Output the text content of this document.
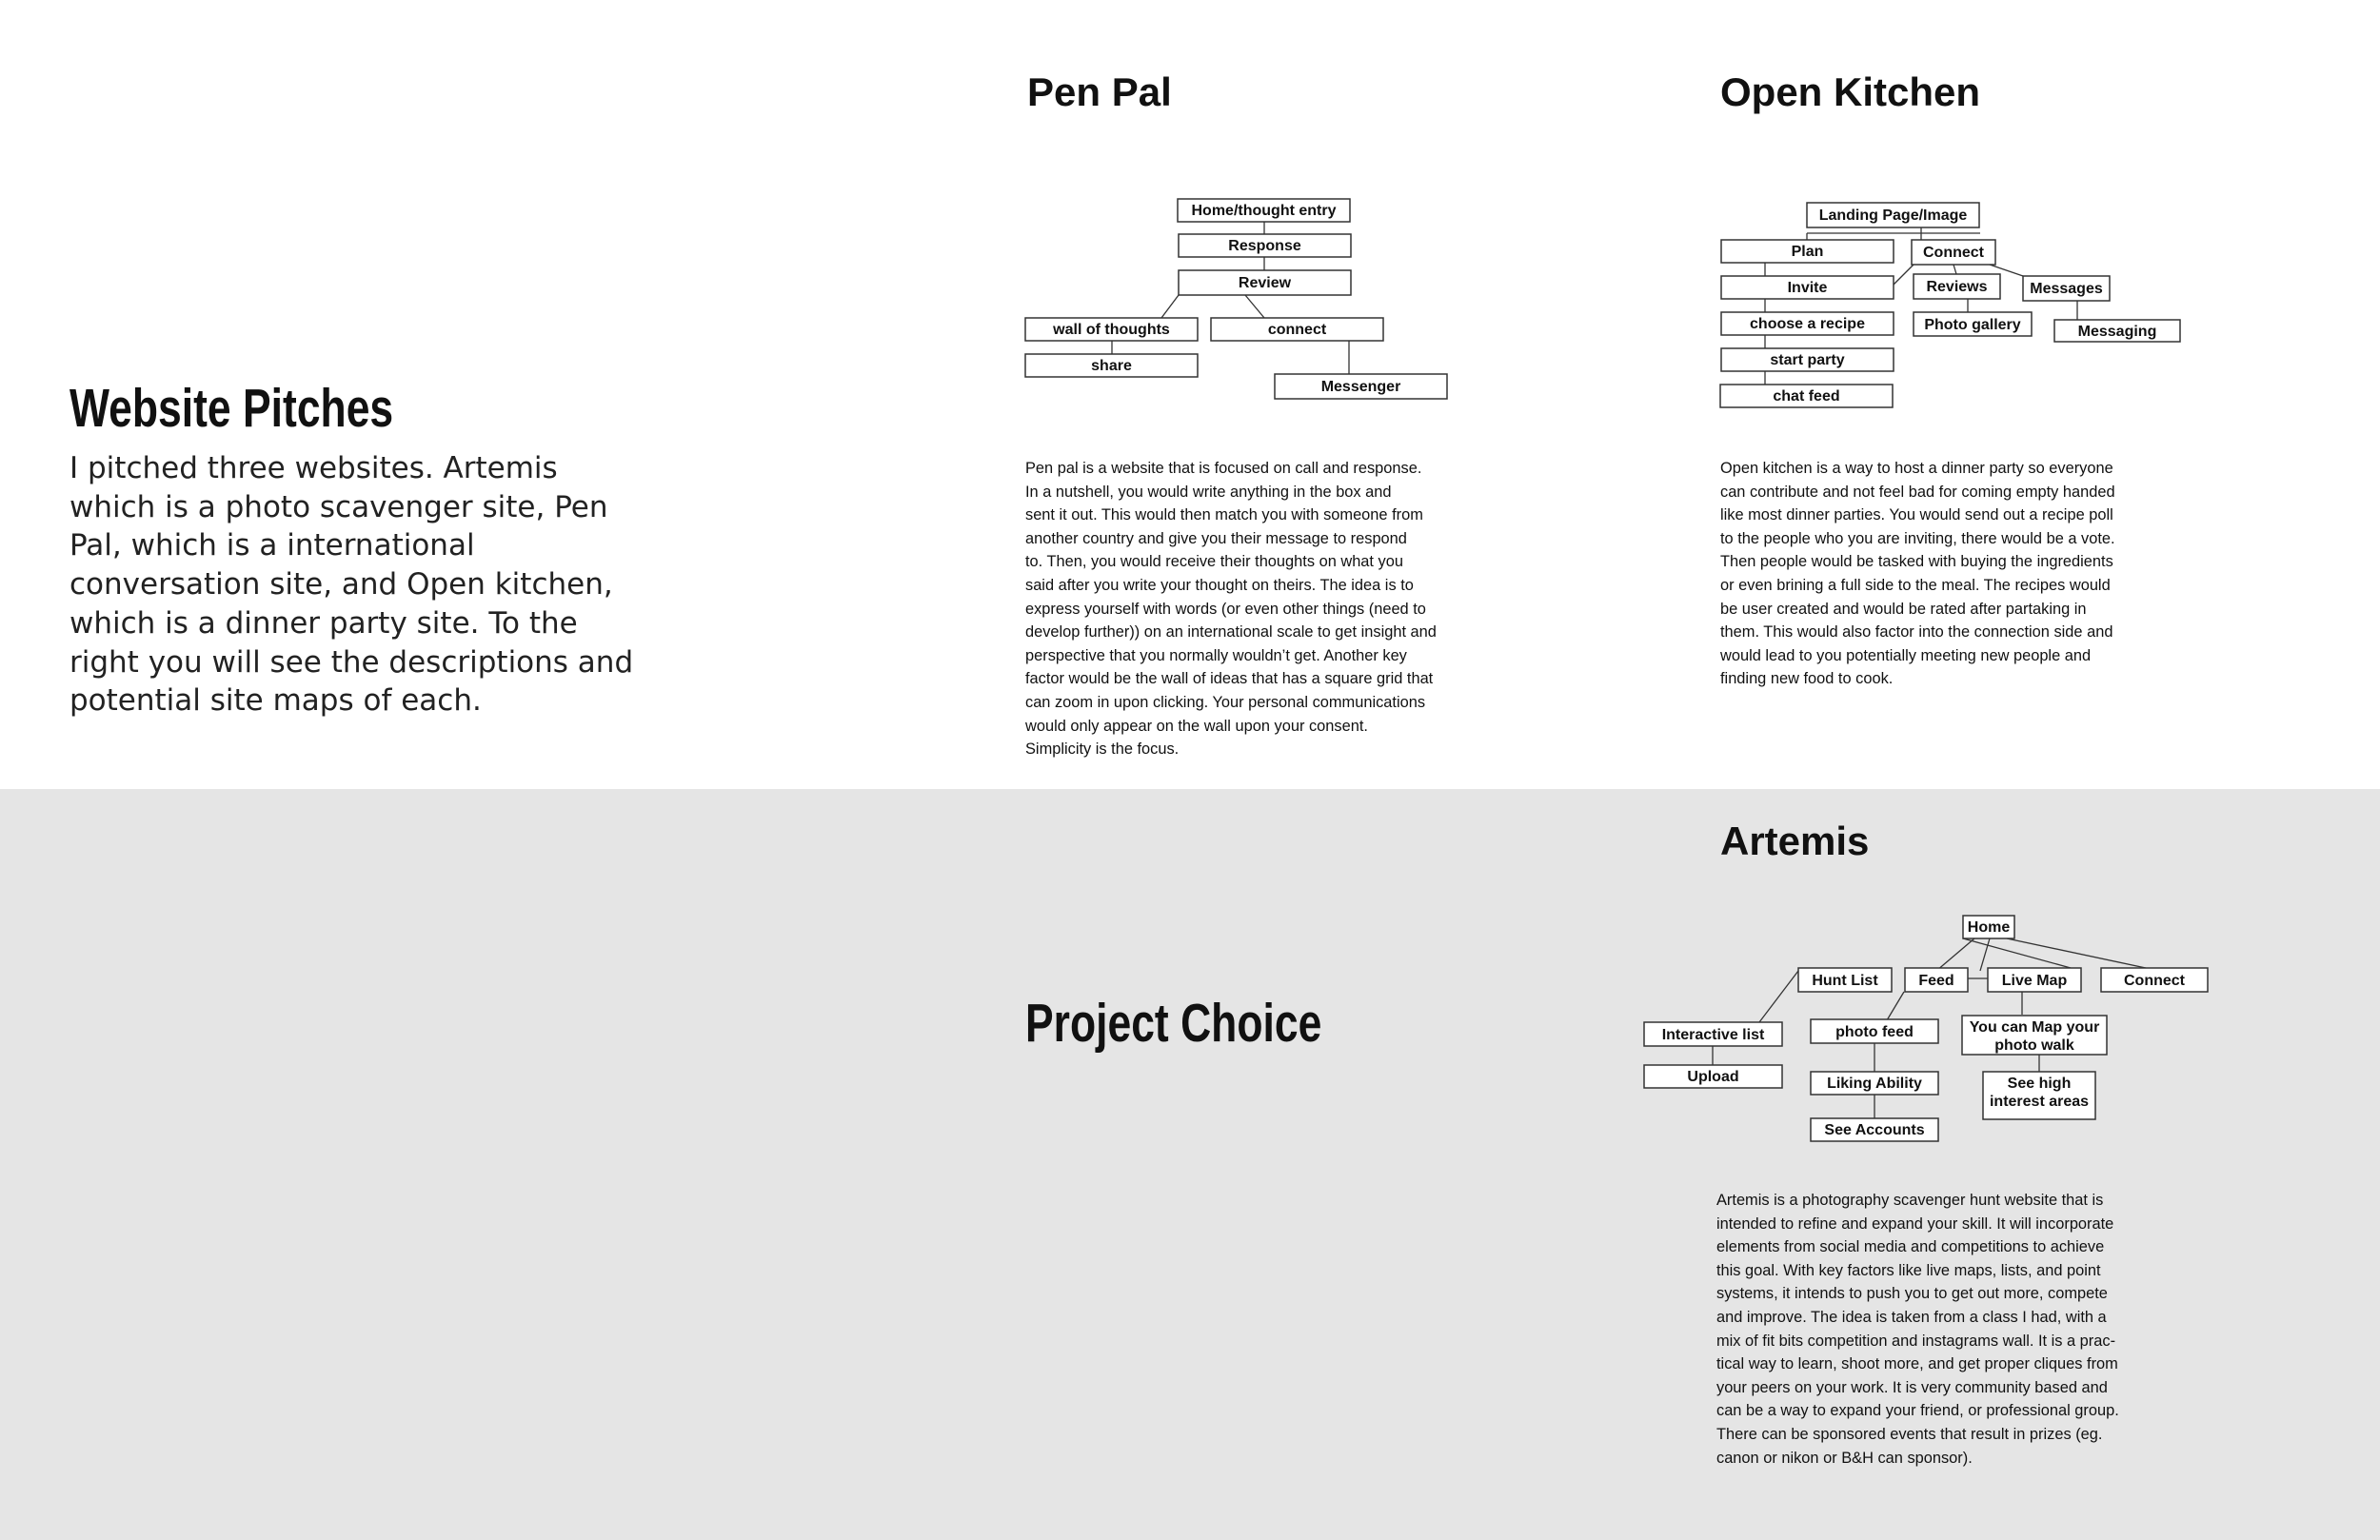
Website Pitches

I pitched three websites. Artemis which is a photo scavenger site, Pen Pal, which is a international conversation site, and Open kitchen, which is a dinner party site. To the right you will see the descriptions and potential site maps of each.

Project Choice
Pen Pal	Open Kitchen
Artemis

Pen pal is a website that is focused on call and response.
In a nutshell, you would write anything in the box and
sent it out. This would then match you with someone from
another country and give you their message to respond
to. Then, you would receive their thoughts on what you
said after you write your thought on theirs. The idea is to
express yourself with words (or even other things (need to
develop further)) on an international scale to get insight and
perspective that you normally wouldn’t get. Another key
factor would be the wall of ideas that has a square grid that
can zoom in upon clicking. Your personal communications
would only appear on the wall upon your consent.
Simplicity is the focus.

Open kitchen is a way to host a dinner party so everyone
can contribute and not feel bad for coming empty handed
like most dinner parties. You would send out a recipe poll
to the people who you are inviting, there would be a vote.
Then people would be tasked with buying the ingredients
or even brining a full side to the meal. The recipes would
be user created and would be rated after partaking in
them. This would also factor into the connection side and
would lead to you potentially meeting new people and
finding new food to cook.

Artemis is a photography scavenger hunt website that is
intended to refine and expand your skill. It will incorporate
elements from social media and competitions to achieve
this goal. With key factors like live maps, lists, and point
systems, it intends to push you to get out more, compete
and improve. The idea is taken from a class I had, with a
mix of fit bits competition and instagrams wall. It is a prac-
tical way to learn, shoot more, and get proper cliques from
your peers on your work. It is very community based and
can be a way to expand your friend, or professional group.
There can be sponsored events that result in prizes (eg.
canon or nikon or B&H can sponsor).

Home/thought entry
Response
Review
wall of thoughts	connect
share
Messenger
Landing Page/Image
Plan	Connect
Invite	Reviews	Messages
choose a recipe	Photo gallery	Messaging
start party
chat feed
Home
Hunt List	Feed	Live Map	Connect
Interactive list	photo feed	You can Map your
photo walk
Upload	Liking Ability	See high
interest areas
See Accounts
